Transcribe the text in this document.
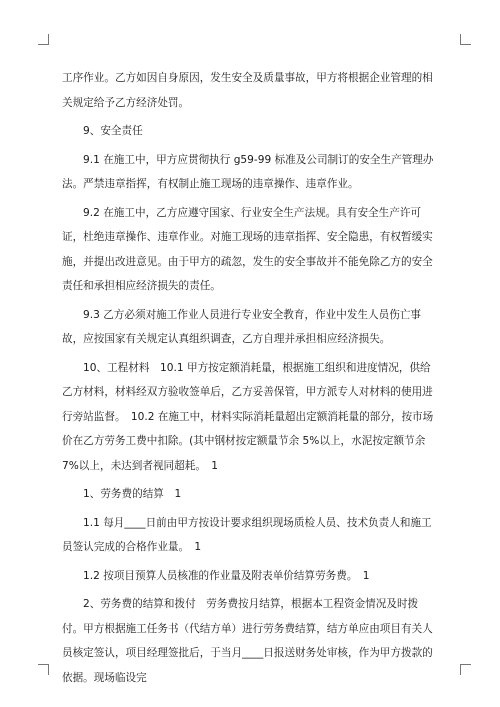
工序作业。乙方如因自身原因，发生安全及质量事故，甲方将根据企业管理的相关规定给予乙方经济处罚。

9、安全责任

9.1 在施工中，甲方应贯彻执行 g59-99 标准及公司制订的安全生产管理办法。严禁违章指挥，有权制止施工现场的违章操作、违章作业。

9.2 在施工中，乙方应遵守国家、行业安全生产法规。具有安全生产许可证，杜绝违章操作、违章作业。对施工现场的违章指挥、安全隐患，有权暂缓实施，并提出改进意见。由于甲方的疏忽，发生的安全事故并不能免除乙方的安全责任和承担相应经济损失的责任。

9.3 乙方必须对施工作业人员进行专业安全教育，作业中发生人员伤亡事故，应按国家有关规定认真组织调查，乙方自理并承担相应经济损失。

10、工程材料　10.1 甲方按定额消耗量，根据施工组织和进度情况，供给乙方材料，材料经双方验收签单后，乙方妥善保管，甲方派专人对材料的使用进行旁站监督。　10.2 在施工中，材料实际消耗量超出定额消耗量的部分，按市场价在乙方劳务工费中扣除。(其中钢材按定额量节余 5%以上，水泥按定额节余 7%以上，未达到者视同超耗。　1

1、劳务费的结算　1

1.1 每月____日前由甲方按设计要求组织现场质检人员、技术负责人和施工员签认完成的合格作业量。　1

1.2 按项目预算人员核准的作业量及附表单价结算劳务费。　1

2、劳务费的结算和拨付　劳务费按月结算，根据本工程资金情况及时拨付。甲方根据施工任务书（代结方单）进行劳务费结算，结方单应由项目有关人员核定签认，项目经理签批后，于当月____日报送财务处审核，作为甲方拨款的依据。现场临设完
